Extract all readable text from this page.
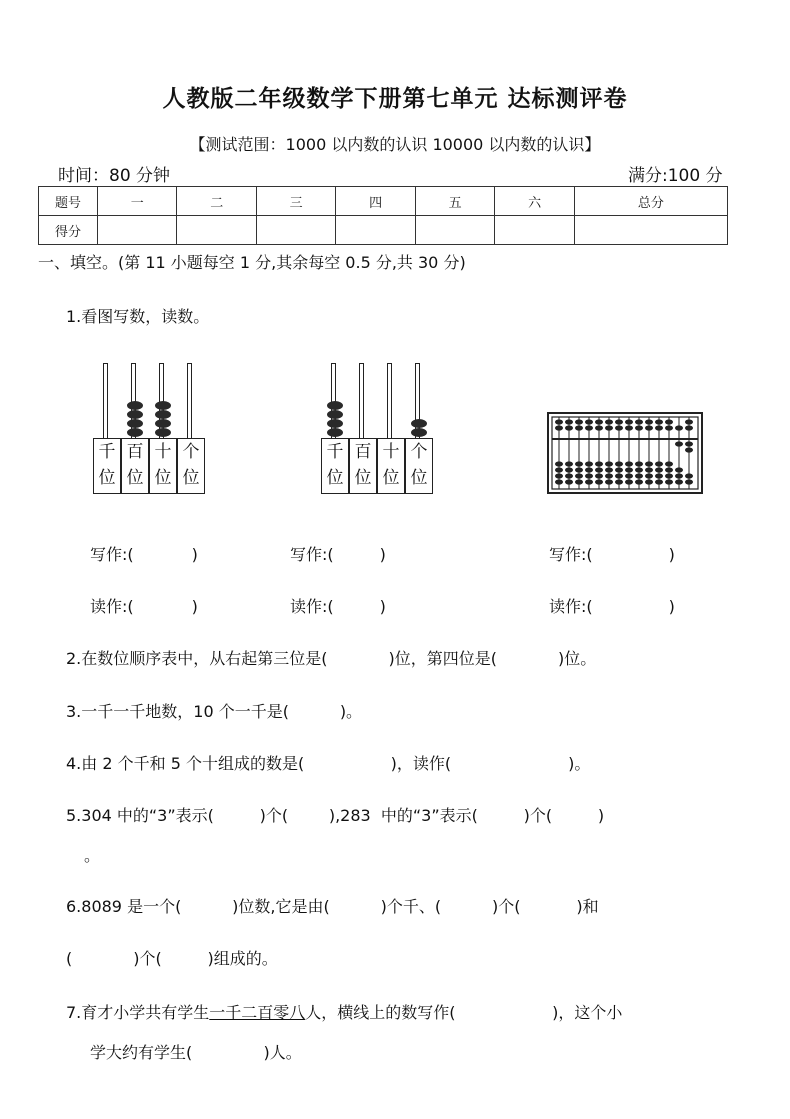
人教版二年级数学下册第七单元 达标测评卷
【测试范围：1000 以内数的认识 10000 以内数的认识】
时间：80 分钟	满分:100 分
题号	一	二	三	四	五	六	总分
得分							
一、填空。(第 11 小题每空 1 分,其余每空 0.5 分,共 30 分)
1.看图写数，读数。
千
位
百
位
十
位
个
位
千
位
百
位
十
位
个
位
写作:(	)	写作:(	)	写作:(	)
读作:(	)	读作:(	)	读作:(	)
2.在数位顺序表中，从右起第三位是(            )位，第四位是(            )位。
3.一千一千地数，10 个一千是(          )。
4.由 2 个千和 5 个十组成的数是(                 )，读作(                       )。
5.304 中的“3”表示(         )个(        ),283  中的“3”表示(         )个(         )
。
6.8089 是一个(          )位数,它是由(          )个千、(          )个(           )和
(            )个(         )组成的。
7.育才小学共有学生一千二百零八人，横线上的数写作(                   )，这个小
学大约有学生(              )人。
